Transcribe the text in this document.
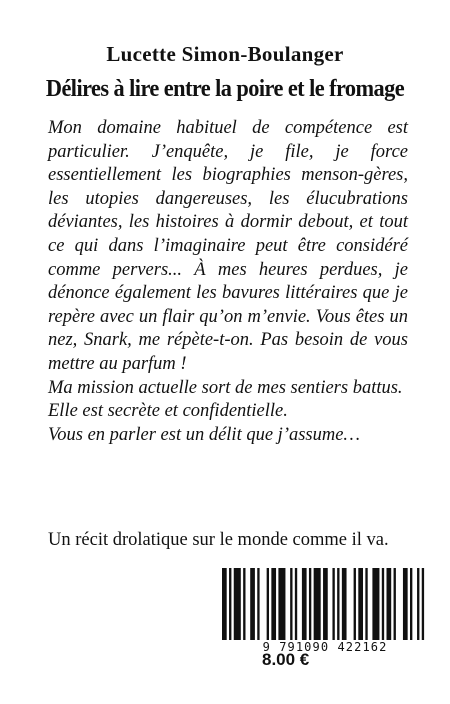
Lucette Simon-Boulanger
Délires à lire entre la poire et le fromage

Mon domaine habituel de compétence est particulier. J’enquête, je file, je force essentiellement les biographies menson-gères, les utopies dangereuses, les élucubrations déviantes, les histoires à dormir debout, et tout ce qui dans l’imaginaire peut être considéré comme pervers... À mes heures perdues, je dénonce également les bavures littéraires que je repère avec un flair qu’on m’envie. Vous êtes un nez, Snark, me répète-t-on. Pas besoin de vous mettre au parfum !

Ma mission actuelle sort de mes sentiers battus.

Elle est secrète et confidentielle.

Vous en parler est un délit que j’assume…

Un récit drolatique sur le monde comme il va.
9 791090 422162
8.00 €
